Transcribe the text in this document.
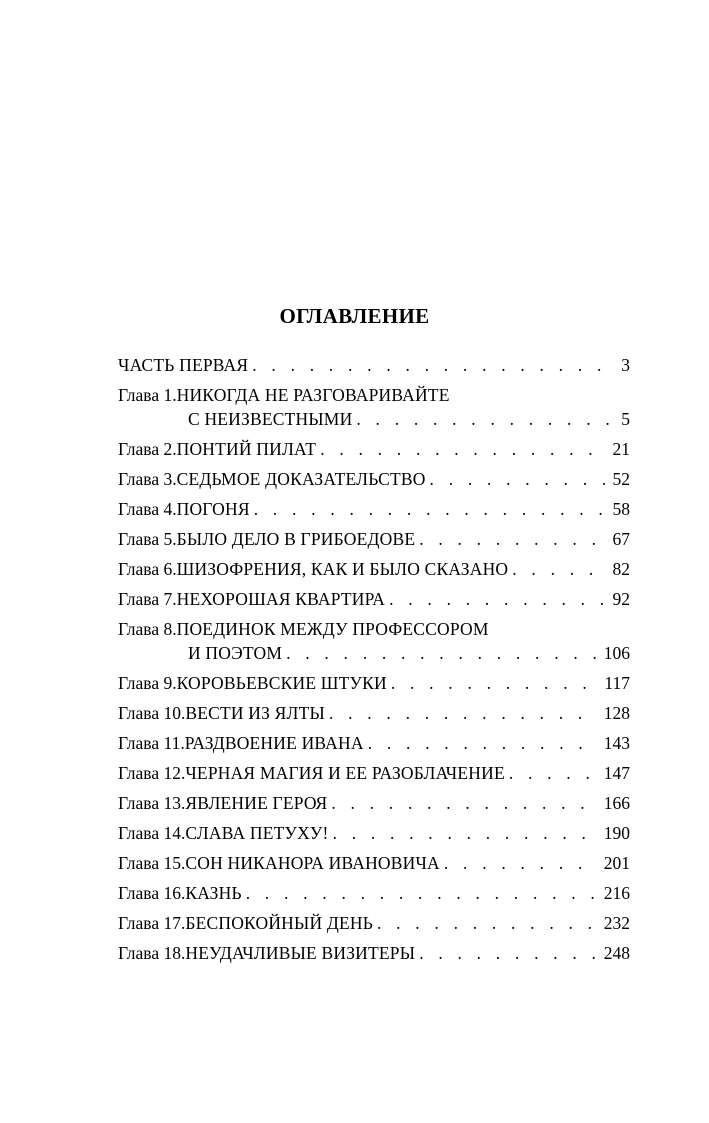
ОГЛАВЛЕНИЕ
ЧАСТЬ ПЕРВАЯ . . .	3
Глава 1. НИКОГДА НЕ РАЗГОВАРИВАЙТЕ
С НЕИЗВЕСТНЫМИ . . .	5
Глава 2. ПОНТИЙ ПИЛАТ . . .	21
Глава 3. СЕДЬМОЕ ДОКАЗАТЕЛЬСТВО . . .	52
Глава 4. ПОГОНЯ . . .	58
Глава 5. БЫЛО ДЕЛО В ГРИБОЕДОВЕ . . .	67
Глава 6. ШИЗОФРЕНИЯ, КАК И БЫЛО СКАЗАНО . . .	82
Глава 7. НЕХОРОШАЯ КВАРТИРА . . .	92
Глава 8. ПОЕДИНОК МЕЖДУ ПРОФЕССОРОМ
И ПОЭТОМ . . .	106
Глава 9. КОРОВЬЕВСКИЕ ШТУКИ . . .	117
Глава 10. ВЕСТИ ИЗ ЯЛТЫ . . .	128
Глава 11. РАЗДВОЕНИЕ ИВАНА . . .	143
Глава 12. ЧЕРНАЯ МАГИЯ И ЕЕ РАЗОБЛАЧЕНИЕ . . .	147
Глава 13. ЯВЛЕНИЕ ГЕРОЯ . . .	166
Глава 14. СЛАВА ПЕТУХУ! . . .	190
Глава 15. СОН НИКАНОРА ИВАНОВИЧА . . .	201
Глава 16. КАЗНЬ . . .	216
Глава 17. БЕСПОКОЙНЫЙ ДЕНЬ . . .	232
Глава 18. НЕУДАЧЛИВЫЕ ВИЗИТЕРЫ . . .	248
